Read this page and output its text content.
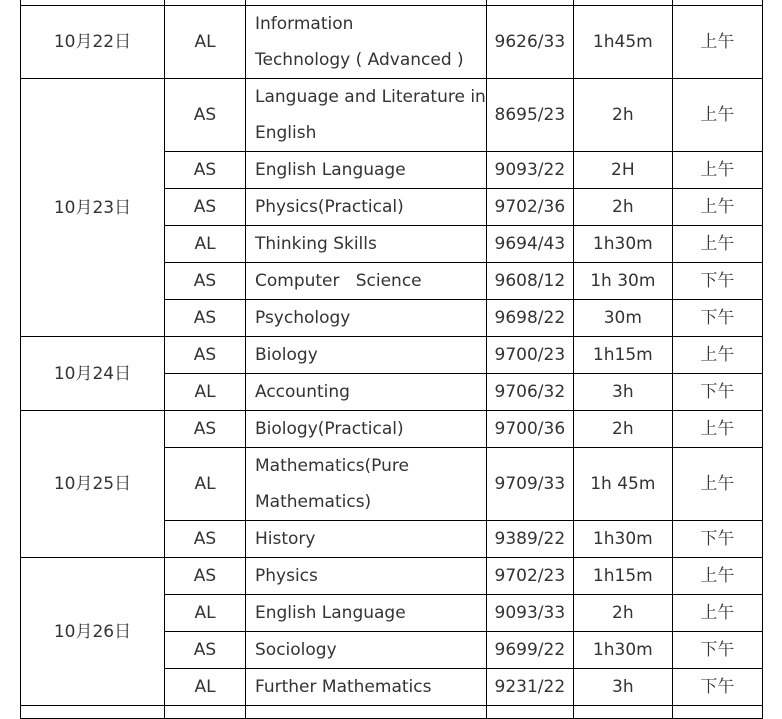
10月22日	AL	Information
Technology ( Advanced )	9626/33	1h45m	上午
10月23日	AS	Language and Literature in
English	8695/23	2h	上午
	AS	English Language	9093/22	2H	上午
	AS	Physics(Practical)	9702/36	2h	上午
	AL	Thinking Skills	9694/43	1h30m	上午
	AS	Computer   Science	9608/12	1h 30m	下午
	AS	Psychology	9698/22	30m	下午
10月24日	AS	Biology	9700/23	1h15m	上午
	AL	Accounting	9706/32	3h	下午
10月25日	AS	Biology(Practical)	9700/36	2h	上午
	AL	Mathematics(Pure
Mathematics)	9709/33	1h 45m	上午
	AS	History	9389/22	1h30m	下午
10月26日	AS	Physics	9702/23	1h15m	上午
	AL	English Language	9093/33	2h	上午
	AS	Sociology	9699/22	1h30m	下午
	AL	Further Mathematics	9231/22	3h	下午
